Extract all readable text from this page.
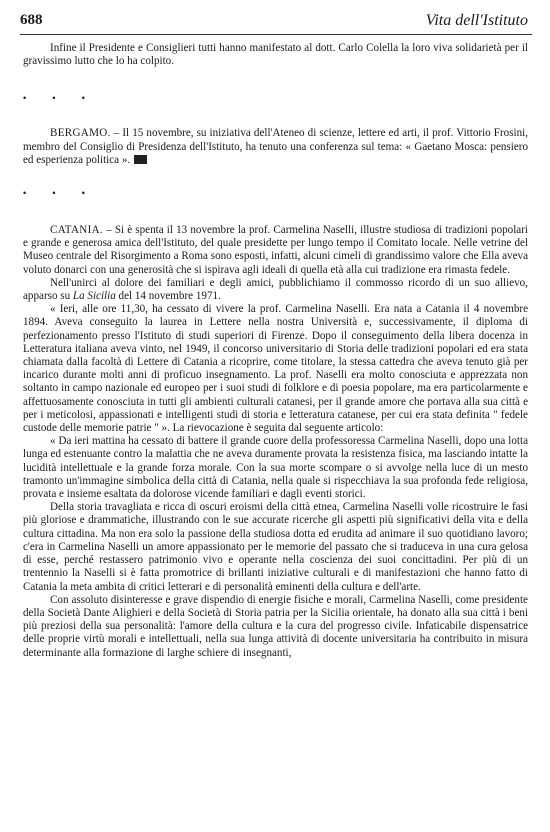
688	Vita dell'Istituto

Infine il Presidente e Consiglieri tutti hanno manifestato al dott. Carlo Colella la loro viva solidarietà per il gravissimo lutto che lo ha colpito.

• • •

BERGAMO. – Il 15 novembre, su iniziativa dell'Ateneo di scienze, lettere ed arti, il prof. Vittorio Frosini, membro del Consiglio di Presidenza dell'Istituto, ha tenuto una conferenza sul tema: « Gaetano Mosca: pensiero ed esperienza politica ».

• • •

CATANIA. – Si è spenta il 13 novembre la prof. Carmelina Naselli, illustre studiosa di tradizioni popolari e grande e generosa amica dell'Istituto, del quale presidette per lungo tempo il Comitato locale. Nelle vetrine del Museo centrale del Risorgimento a Roma sono esposti, infatti, alcuni cimeli di grandissimo valore che Ella aveva voluto donarci con una generosità che si ispirava agli ideali di quella età alla cui tradizione era rimasta fedele.

Nell'unirci al dolore dei familiari e degli amici, pubblichiamo il commosso ricordo di un suo allievo, apparso su La Sicilia del 14 novembre 1971.

« Ieri, alle ore 11,30, ha cessato di vivere la prof. Carmelina Naselli. Era nata a Catania il 4 novembre 1894. Aveva conseguito la laurea in Lettere nella nostra Università e, successivamente, il diploma di perfezionamento presso l'Istituto di studi superiori di Firenze. Dopo il conseguimento della libera docenza in Letteratura italiana aveva vinto, nel 1949, il concorso universitario di Storia delle tradizioni popolari ed era stata chiamata dalla facoltà di Lettere di Catania a ricoprire, come titolare, la stessa cattedra che aveva tenuto già per incarico durante molti anni di proficuo insegnamento. La prof. Naselli era molto conosciuta e apprezzata non soltanto in campo nazionale ed europeo per i suoi studi di folklore e di poesia popolare, ma era particolarmente e affettuosamente conosciuta in tutti gli ambienti culturali catanesi, per il grande amore che portava alla sua città e per i meticolosi, appassionati e intelligenti studi di storia e letteratura catanese, per cui era stata definita " fedele custode delle memorie patrie " ». La rievocazione è seguita dal seguente articolo:

« Da ieri mattina ha cessato di battere il grande cuore della professoressa Carmelina Naselli, dopo una lotta lunga ed estenuante contro la malattia che ne aveva duramente provata la resistenza fisica, ma lasciando intatte la lucidità intellettuale e la grande forza morale. Con la sua morte scompare o si avvolge nella luce di un mesto tramonto un'immagine simbolica della città di Catania, nella quale si rispecchiava la sua profonda fede religiosa, provata e insieme esaltata da dolorose vicende familiari e dagli eventi storici.

Della storia travagliata e ricca di oscuri eroismi della città etnea, Carmelina Naselli volle ricostruire le fasi più gloriose e drammatiche, illustrando con le sue accurate ricerche gli aspetti più significativi della vita e della cultura cittadina. Ma non era solo la passione della studiosa dotta ed erudita ad animare il suo quotidiano lavoro; c'era in Carmelina Naselli un amore appassionato per le memorie del passato che si traduceva in una cura gelosa di esse, perché restassero patrimonio vivo e operante nella coscienza dei suoi concittadini. Per più di un trentennio la Naselli si è fatta promotrice di brillanti iniziative culturali e di manifestazioni che hanno fatto di Catania la meta ambita di critici letterari e di personalità eminenti della cultura e dell'arte.

Con assoluto disinteresse e grave dispendio di energie fisiche e morali, Carmelina Naselli, come presidente della Società Dante Alighieri e della Società di Storia patria per la Sicilia orientale, ha donato alla sua città i beni più preziosi della sua personalità: l'amore della cultura e la cura del progresso civile. Infaticabile dispensatrice delle proprie virtù morali e intellettuali, nella sua lunga attività di docente universitaria ha contribuito in misura determinante alla formazione di larghe schiere di insegnanti,
